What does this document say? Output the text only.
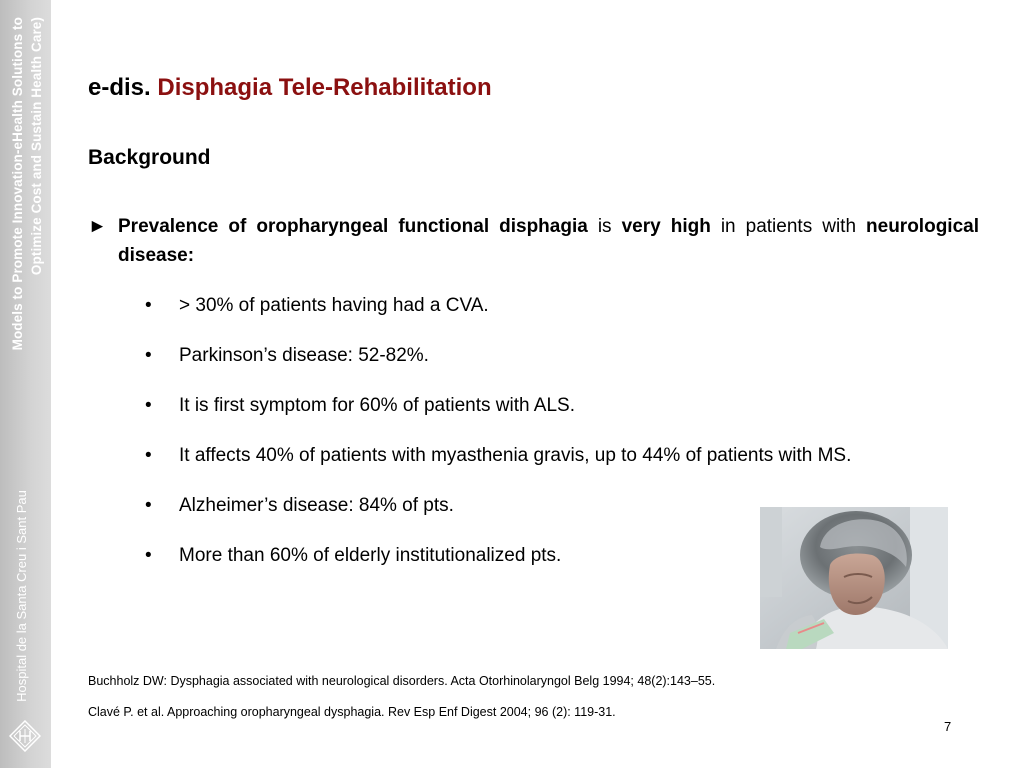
Models to Promote Innovation-eHealth Solutions to Optimize Cost and Sustain Health Care)
Hospital de la Santa Creu i Sant Pau
e-dis. Disphagia Tele-Rehabilitation
Background
► Prevalence of oropharyngeal functional disphagia is very high in patients with neurological disease:
• > 30% of patients having had a CVA.
• Parkinson’s disease: 52-82%.
• It is first symptom for 60% of patients with ALS.
• It affects 40% of patients with myasthenia gravis, up to 44% of patients with MS.
• Alzheimer’s disease: 84% of pts.
• More than 60% of elderly institutionalized pts.

Buchholz DW: Dysphagia associated with neurological disorders. Acta Otorhinolaryngol Belg 1994; 48(2):143–55.

Clavé P. et al. Approaching oropharyngeal dysphagia. Rev Esp Enf Digest 2004; 96 (2): 119-31.

7
